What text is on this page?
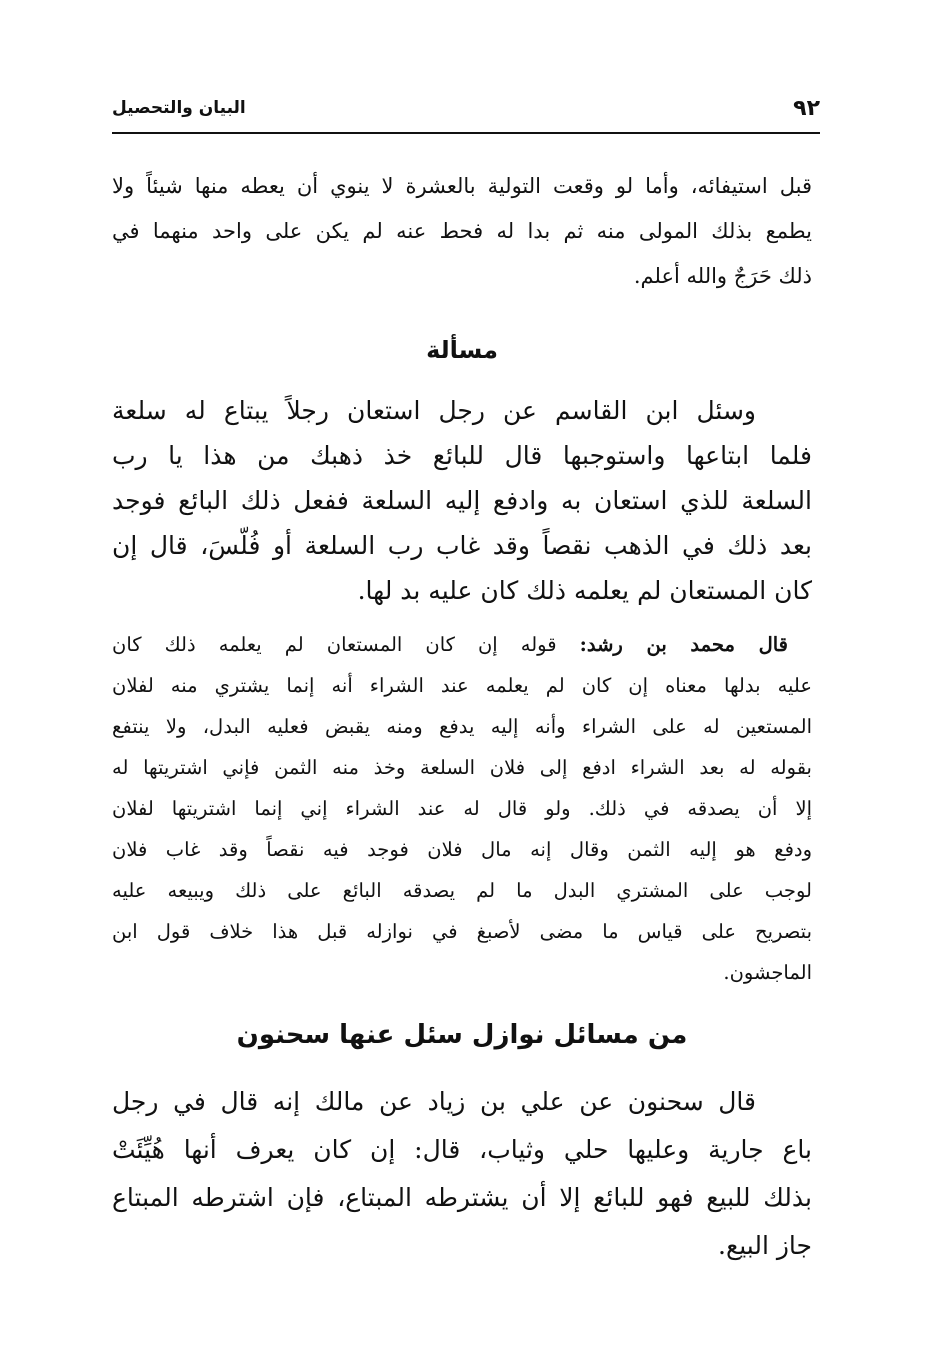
٩٢
البيان والتحصيل
قبل استيفائه، وأما لو وقعت التولية بالعشرة لا ينوي أن يعطه منها شيئاً ولا
يطمع بذلك المولى منه ثم بدا له فحط عنه لم يكن على واحد منهما في
ذلك حَرَجٌ والله أعلم.
مسألة
وسئل ابن القاسم عن رجل استعان رجلاً يبتاع له سلعة
فلما ابتاعها واستوجبها قال للبائع خذ ذهبك من هذا يا رب
السلعة للذي استعان به وادفع إليه السلعة ففعل ذلك البائع فوجد
بعد ذلك في الذهب نقصاً وقد غاب رب السلعة أو فُلّسَ، قال إن
كان المستعان لم يعلمه ذلك كان عليه بد لها.
قال محمد بن رشد: قوله إن كان المستعان لم يعلمه ذلك كان
عليه بدلها معناه إن كان لم يعلمه عند الشراء أنه إنما يشتري منه لفلان
المستعين له على الشراء وأنه إليه يدفع ومنه يقبض فعليه البدل، ولا ينتفع
بقوله له بعد الشراء ادفع إلى فلان السلعة وخذ منه الثمن فإني اشتريتها له
إلا أن يصدقه في ذلك. ولو قال له عند الشراء إني إنما اشتريتها لفلان
ودفع هو إليه الثمن وقال إنه مال فلان فوجد فيه نقصاً وقد غاب فلان
لوجب على المشتري البدل ما لم يصدقه البائع على ذلك ويبيعه عليه
بتصريح على قياس ما مضى لأصبغ في نوازله قبل هذا خلاف قول ابن
الماجشون.
من مسائل نوازل سئل عنها سحنون
قال سحنون عن علي بن زياد عن مالك إنه قال في رجل
باع جارية وعليها حلي وثياب، قال: إن كان يعرف أنها هُيِّئَتْ
بذلك للبيع فهو للبائع إلا أن يشترطه المبتاع، فإن اشترطه المبتاع
جاز البيع.
